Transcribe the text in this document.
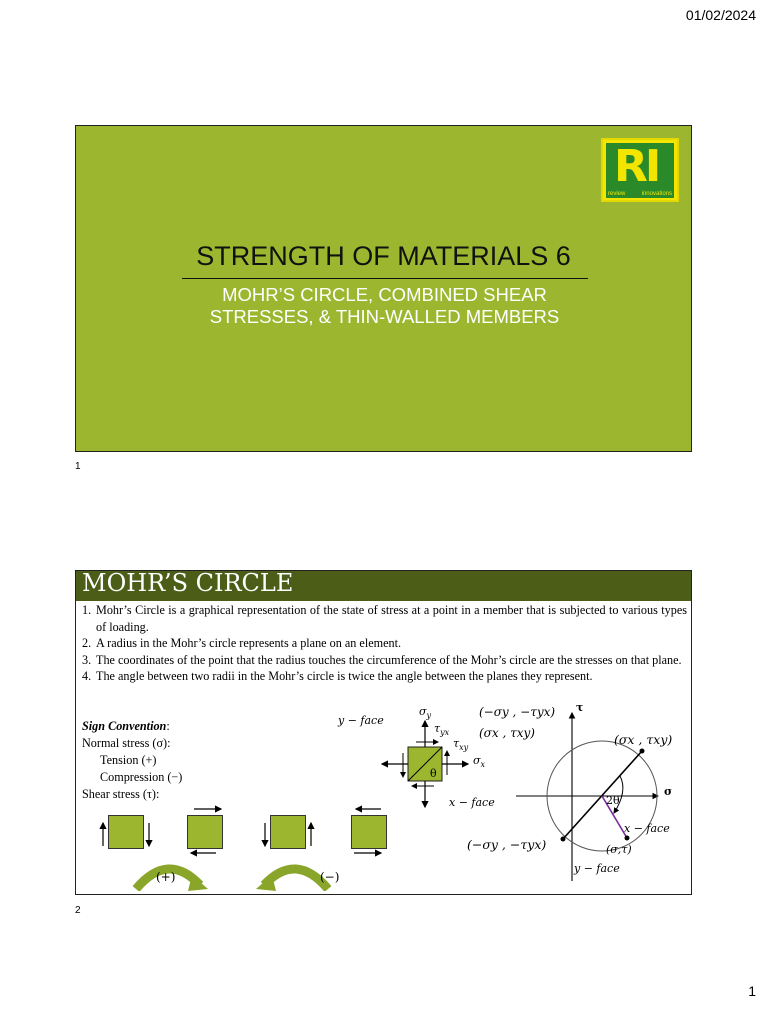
01/02/2024
RI
review	innovations
STRENGTH OF MATERIALS 6
MOHR’S CIRCLE, COMBINED SHEAR STRESSES, & THIN-WALLED MEMBERS
1
MOHR’S CIRCLE
1. Mohr’s Circle is a graphical representation of the state of stress at a point in a member that is subjected to various types of loading.
2. A radius in the Mohr’s circle represents a plane on an element.
3. The coordinates of the point that the radius touches the circumference of the Mohr’s circle are the stresses on that plane.
4. The angle between two radii in the Mohr’s circle is twice the angle between the planes they represent.
Sign Convention:
Normal stress (σ):
Tension (+)
Compression (−)
Shear stress (τ):
(+)	(−)
y − face
$\sigma_y$
$\tau_{yx}$
$\tau_{xy}$
$\sigma_x$
θ
x − face
(−σy , −τyx)
(σx , τxy)
τ
σ
(σx , τxy)
(−σy , −τyx)
2θ
x − face
(σ,τ)
y − face
2
1
